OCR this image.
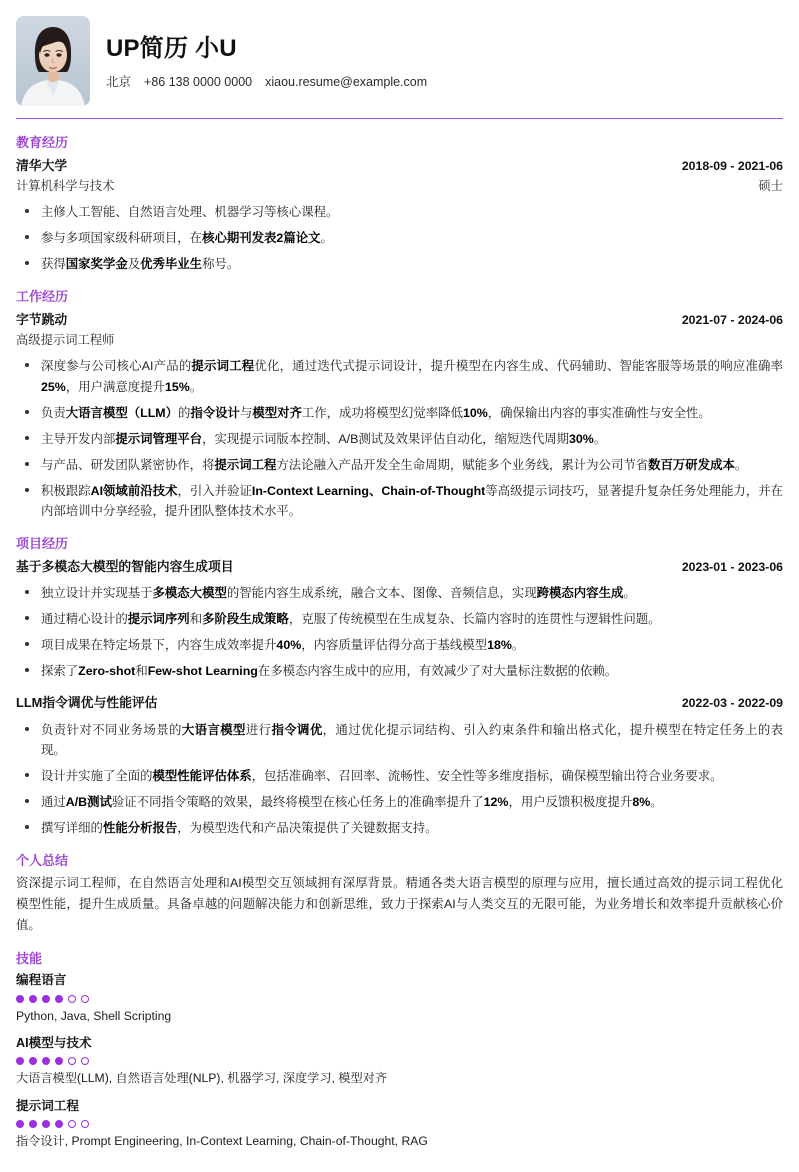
UP简历 小U
北京 +86 138 0000 0000 xiaou.resume@example.com
教育经历
清华大学	2018-09 - 2021-06
计算机科学与技术	硕士
主修人工智能、自然语言处理、机器学习等核心课程。
参与多项国家级科研项目，在核心期刊发表2篇论文。
获得国家奖学金及优秀毕业生称号。
工作经历
字节跳动	2021-07 - 2024-06
高级提示词工程师
深度参与公司核心AI产品的提示词工程优化，通过迭代式提示词设计，提升模型在内容生成、代码辅助、智能客服等场景的响应准确率25%，用户满意度提升15%。
负责大语言模型（LLM）的指令设计与模型对齐工作，成功将模型幻觉率降低10%，确保输出内容的事实准确性与安全性。
主导开发内部提示词管理平台，实现提示词版本控制、A/B测试及效果评估自动化，缩短迭代周期30%。
与产品、研发团队紧密协作，将提示词工程方法论融入产品开发全生命周期，赋能多个业务线，累计为公司节省数百万研发成本。
积极跟踪AI领域前沿技术，引入并验证In-Context Learning、Chain-of-Thought等高级提示词技巧，显著提升复杂任务处理能力，并在内部培训中分享经验，提升团队整体技术水平。
项目经历
基于多模态大模型的智能内容生成项目	2023-01 - 2023-06
独立设计并实现基于多模态大模型的智能内容生成系统，融合文本、图像、音频信息，实现跨模态内容生成。
通过精心设计的提示词序列和多阶段生成策略，克服了传统模型在生成复杂、长篇内容时的连贯性与逻辑性问题。
项目成果在特定场景下，内容生成效率提升40%，内容质量评估得分高于基线模型18%。
探索了Zero-shot和Few-shot Learning在多模态内容生成中的应用，有效减少了对大量标注数据的依赖。
LLM指令调优与性能评估	2022-03 - 2022-09
负责针对不同业务场景的大语言模型进行指令调优，通过优化提示词结构、引入约束条件和输出格式化，提升模型在特定任务上的表现。
设计并实施了全面的模型性能评估体系，包括准确率、召回率、流畅性、安全性等多维度指标，确保模型输出符合业务要求。
通过A/B测试验证不同指令策略的效果，最终将模型在核心任务上的准确率提升了12%，用户反馈积极度提升8%。
撰写详细的性能分析报告，为模型迭代和产品决策提供了关键数据支持。
个人总结
资深提示词工程师，在自然语言处理和AI模型交互领域拥有深厚背景。精通各类大语言模型的原理与应用，擅长通过高效的提示词工程优化模型性能，提升生成质量。具备卓越的问题解决能力和创新思维，致力于探索AI与人类交互的无限可能，为业务增长和效率提升贡献核心价值。
技能
编程语言
Python, Java, Shell Scripting
AI模型与技术
大语言模型(LLM), 自然语言处理(NLP), 机器学习, 深度学习, 模型对齐
提示词工程
指令设计, Prompt Engineering, In-Context Learning, Chain-of-Thought, RAG
